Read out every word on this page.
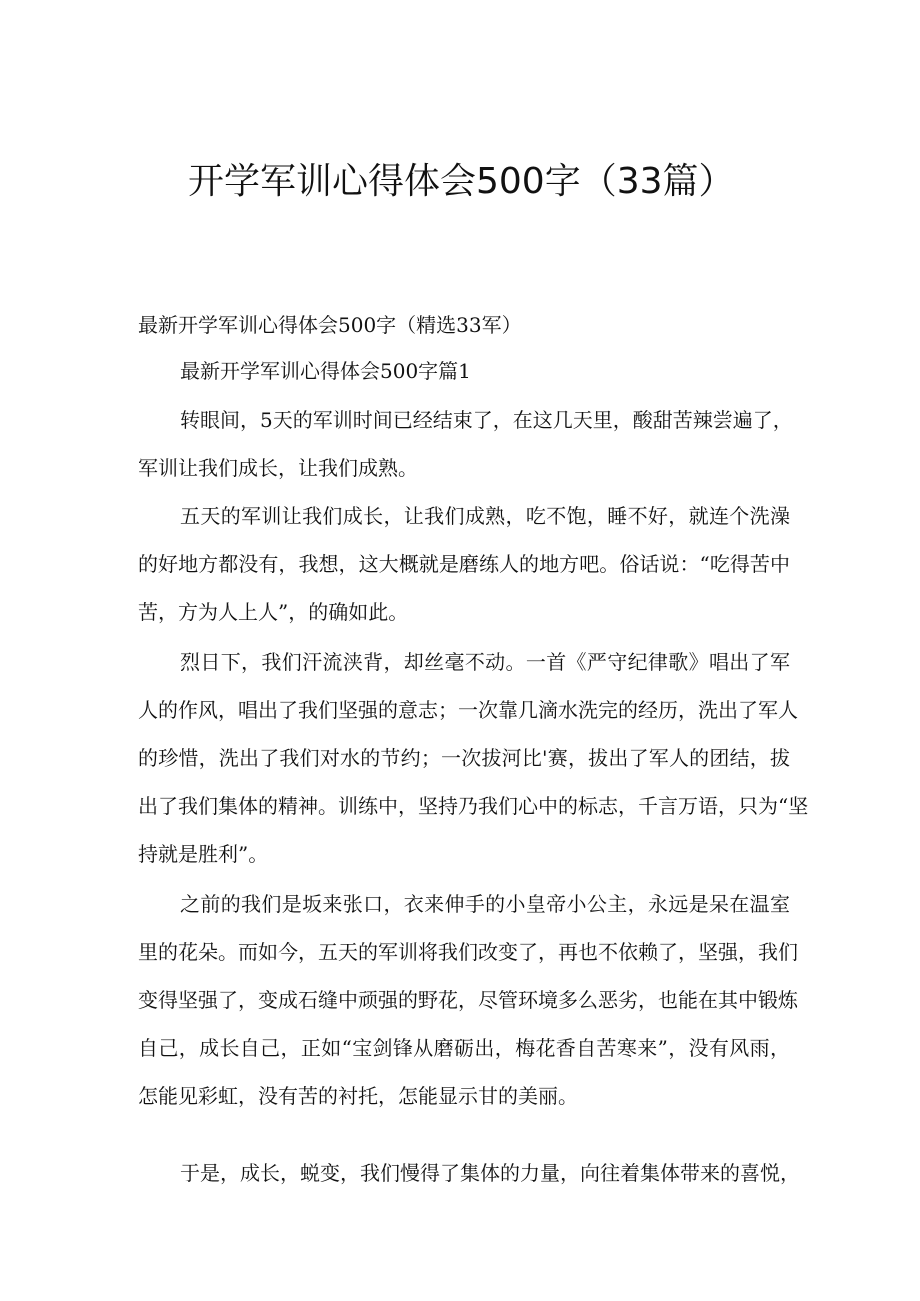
开学军训心得体会500字（33篇）

最新开学军训心得体会500字（精选33军）

最新开学军训心得体会500字篇1

转眼间，5天的军训时间已经结束了，在这几天里，酸甜苦辣尝遍了，

军训让我们成长，让我们成熟。

五天的军训让我们成长，让我们成熟，吃不饱，睡不好，就连个洗澡

的好地方都没有，我想，这大概就是磨练人的地方吧。俗话说：“吃得苦中

苦，方为人上人”，的确如此。

烈日下，我们汗流浃背，却丝毫不动。一首《严守纪律歌》唱出了军

人的作风，唱出了我们坚强的意志；一次靠几滴水洗完的经历，洗出了军人

的珍惜，洗出了我们对水的节约；一次拔河比'赛，拔出了军人的团结，拔

出了我们集体的精神。训练中，坚持乃我们心中的标志，千言万语，只为“坚

持就是胜利”。

之前的我们是坂来张口，衣来伸手的小皇帝小公主，永远是呆在温室

里的花朵。而如今，五天的军训将我们改变了，再也不依赖了，坚强，我们

变得坚强了，变成石缝中顽强的野花，尽管环境多么恶劣，也能在其中锻炼

自己，成长自己，正如“宝剑锋从磨砺出，梅花香自苦寒来”，没有风雨，

怎能见彩虹，没有苦的衬托，怎能显示甘的美丽。

于是，成长，蜕变，我们慢得了集体的力量，向往着集体带来的喜悦，
